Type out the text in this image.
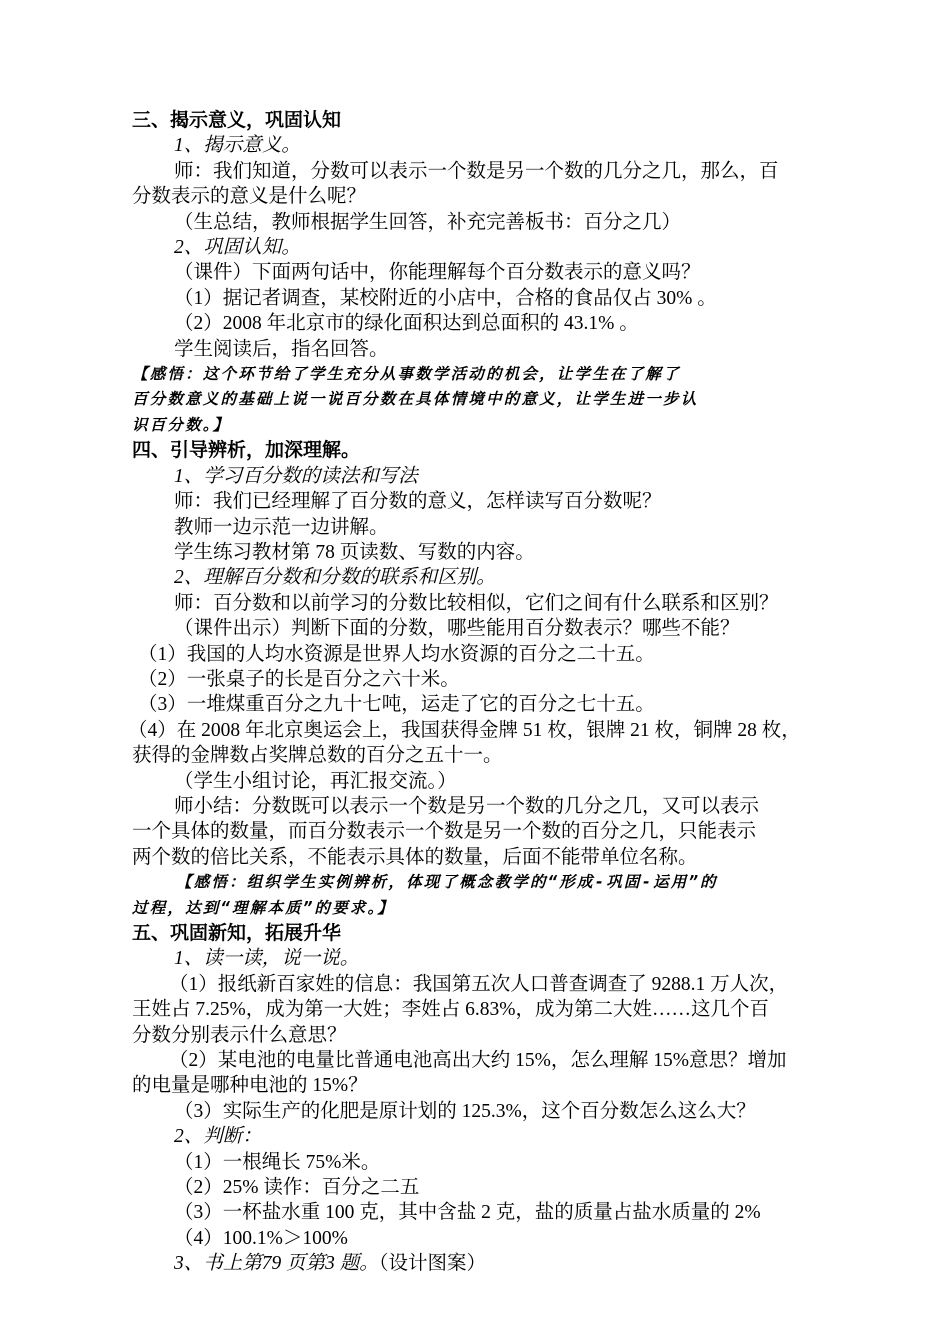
三、揭示意义，巩固认知

1、揭示意义。

师：我们知道，分数可以表示一个数是另一个数的几分之几，那么，百

分数表示的意义是什么呢？

（生总结，教师根据学生回答，补充完善板书：百分之几）

2、巩固认知。

（课件）下面两句话中，你能理解每个百分数表示的意义吗？

（1）据记者调查，某校附近的小店中，合格的食品仅占 30% 。

（2）2008 年北京市的绿化面积达到总面积的 43.1% 。

学生阅读后，指名回答。

【感悟：这个环节给了学生充分从事数学活动的机会，让学生在了解了

百分数意义的基础上说一说百分数在具体情境中的意义，让学生进一步认

识百分数。】

四、引导辨析，加深理解。

1、学习百分数的读法和写法

师：我们已经理解了百分数的意义，怎样读写百分数呢？

教师一边示范一边讲解。

学生练习教材第 78 页读数、写数的内容。

2、理解百分数和分数的联系和区别。

师：百分数和以前学习的分数比较相似，它们之间有什么联系和区别？

（课件出示）判断下面的分数，哪些能用百分数表示？哪些不能？

（1）我国的人均水资源是世界人均水资源的百分之二十五。

（2）一张桌子的长是百分之六十米。

（3）一堆煤重百分之九十七吨，运走了它的百分之七十五。

（4）在 2008 年北京奥运会上，我国获得金牌 51 枚，银牌 21 枚，铜牌 28 枚，

获得的金牌数占奖牌总数的百分之五十一。

（学生小组讨论，再汇报交流。）

师小结：分数既可以表示一个数是另一个数的几分之几，又可以表示

一个具体的数量，而百分数表示一个数是另一个数的百分之几，只能表示

两个数的倍比关系，不能表示具体的数量，后面不能带单位名称。

【感悟：组织学生实例辨析，体现了概念教学的“形成-巩固-运用”的

过程，达到“理解本质”的要求。】

五、巩固新知，拓展升华

1、读一读，说一说。

（1）报纸新百家姓的信息：我国第五次人口普查调查了 9288.1 万人次，

王姓占 7.25%，成为第一大姓；李姓占 6.83%，成为第二大姓……这几个百

分数分别表示什么意思？

（2）某电池的电量比普通电池高出大约 15%，怎么理解 15%意思？增加

的电量是哪种电池的 15%？

（3）实际生产的化肥是原计划的 125.3%，这个百分数怎么这么大？

2、判断：

（1）一根绳长 75%米。

（2）25% 读作：百分之二五

（3）一杯盐水重 100 克，其中含盐 2 克，盐的质量占盐水质量的 2%

（4）100.1%＞100%

3、书上第79 页第3 题。（设计图案）
